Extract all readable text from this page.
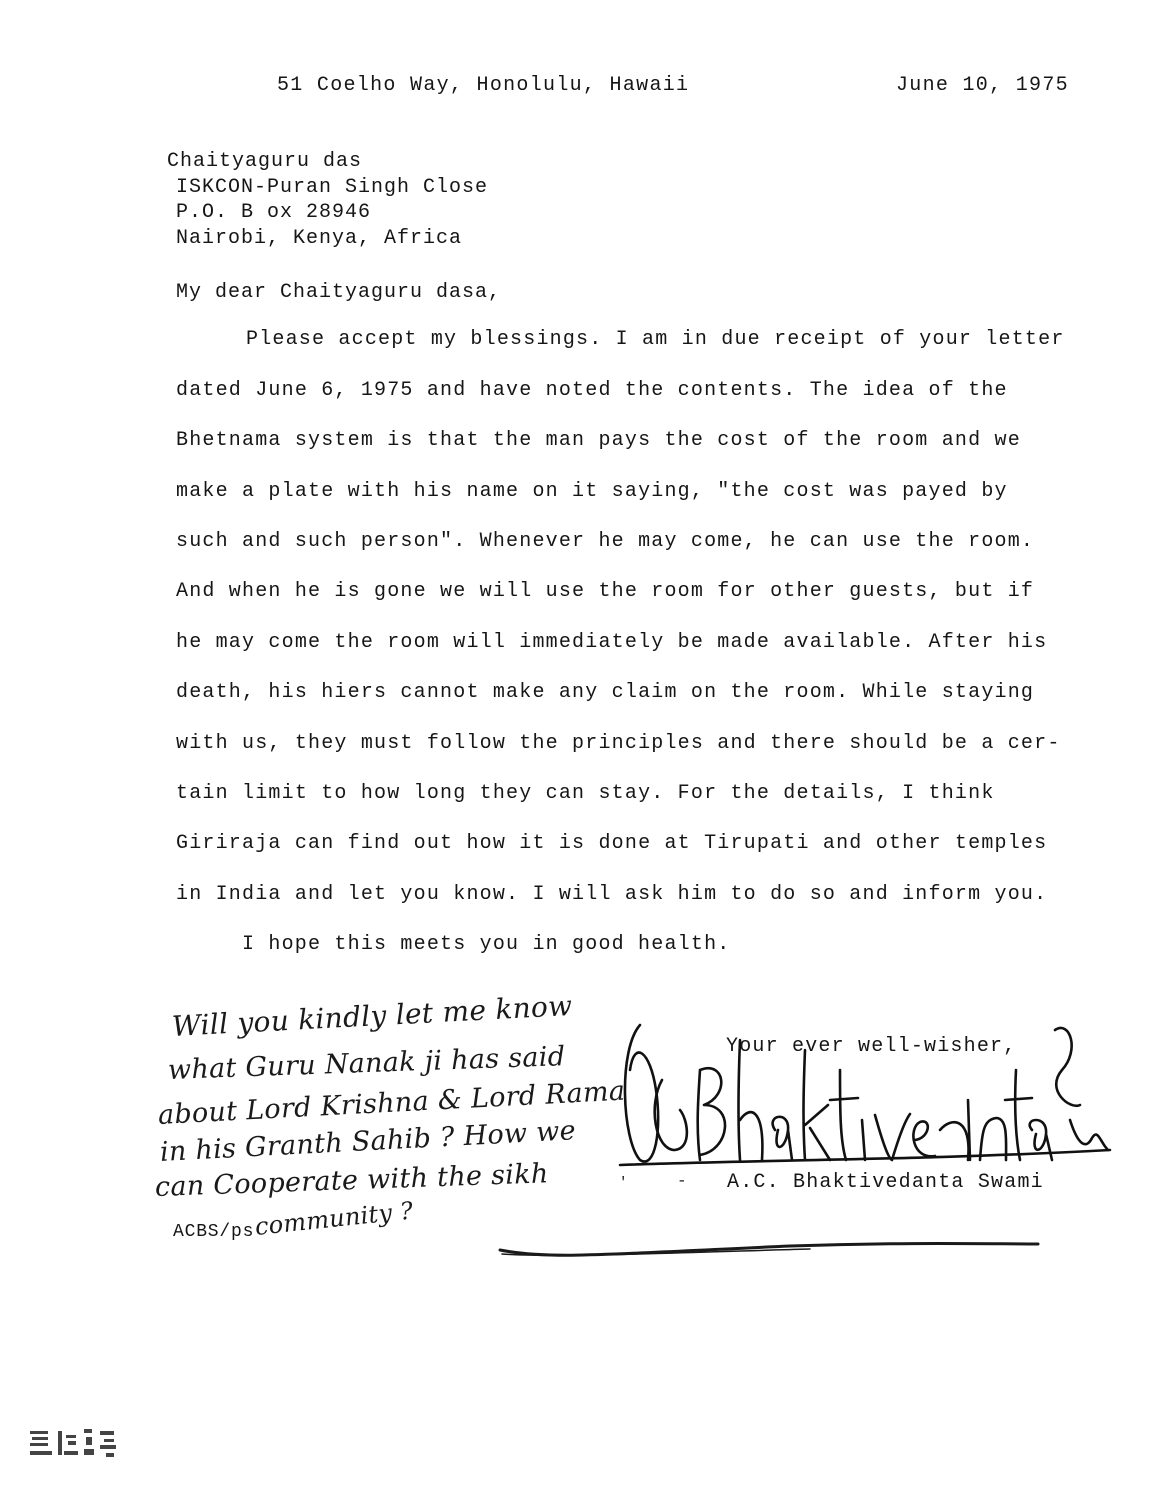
51 Coelho Way, Honolulu, Hawaii	June 10, 1975
Chaityaguru das
ISKCON-Puran Singh Close
P.O. B ox 28946
Nairobi, Kenya, Africa
My dear Chaityaguru dasa,
Please accept my blessings. I am in due receipt of your letter
dated June 6, 1975 and have noted the contents. The idea of the
Bhetnama system is that the man pays the cost of the room and we
make a plate with his name on it saying, "the cost was payed by
such and such person". Whenever he may come, he can use the room.
And when he is gone we will use the room for other guests, but if
he may come the room will immediately be made available. After his
death, his hiers cannot make any claim on the room. While staying
with us, they must follow the principles and there should be a cer-
tain limit to how long they can stay. For the details, I think
Giriraja can find out how it is done at Tirupati and other temples
in India and let you know. I will ask him to do so and inform you.
I hope this meets you in good health.
Your ever well-wisher,
'	- A.C. Bhaktivedanta Swami
ACBS/ps
Will you kindly let me know
what Guru Nanak ji has said
about Lord Krishna & Lord Rama
in his Granth Sahib ? How we
can Cooperate with the sikh
community ?
